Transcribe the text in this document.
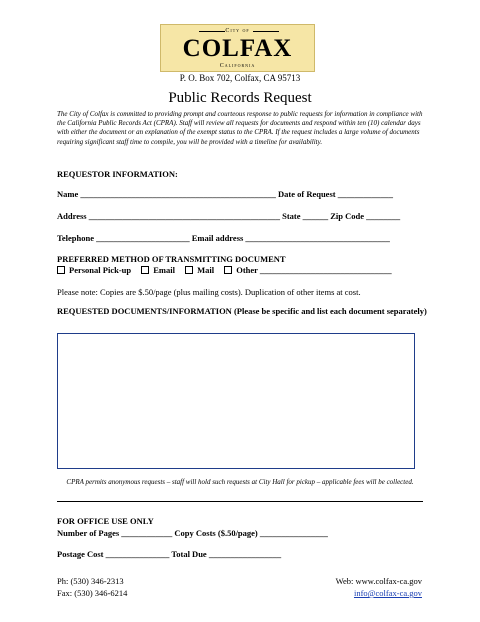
City of
COLFAX
California
P. O. Box 702, Colfax, CA 95713
Public Records Request
The City of Colfax is committed to providing prompt and courteous response to public requests for information in compliance with the California Public Records Act (CPRA). Staff will review all requests for documents and respond within ten (10) calendar days with either the document or an explanation of the exempt status to the CPRA. If the request includes a large volume of documents requiring significant staff time to compile, you will be provided with a timeline for availability.
REQUESTOR INFORMATION:
Name ______________________________________________ Date of Request _____________
Address _____________________________________________ State ______ Zip Code ________
Telephone ______________________ Email address __________________________________
PREFERRED METHOD OF TRANSMITTING DOCUMENT
Personal Pick-up	Email	Mail	Other _______________________________
Please note: Copies are $.50/page (plus mailing costs). Duplication of other items at cost.
REQUESTED DOCUMENTS/INFORMATION (Please be specific and list each document separately)
CPRA permits anonymous requests – staff will hold such requests at City Hall for pickup – applicable fees will be collected.
FOR OFFICE USE ONLY
Number of Pages ____________ Copy Costs ($.50/page) ________________
Postage Cost _______________ Total Due _________________
Ph: (530) 346-2313
Fax: (530) 346-6214
Web: www.colfax-ca.gov
info@colfax-ca.gov
